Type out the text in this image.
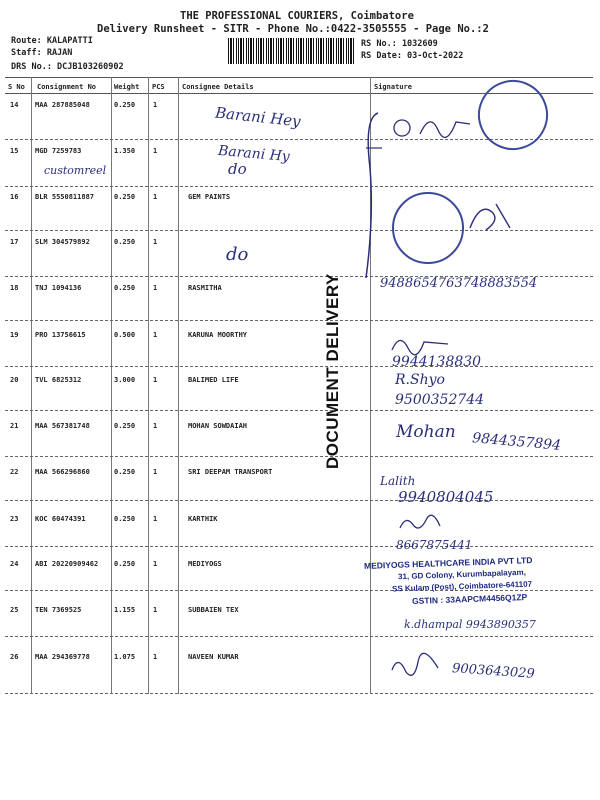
THE PROFESSIONAL COURIERS, Coimbatore
Delivery Runsheet - SITR - Phone No.:0422-3505555 - Page No.:2
Route: KALAPATTI
Staff: RAJAN
DRS No.: DCJB103260902
RS No.: 1032609
RS Date: 03-Oct-2022
S No Consignment No	Weight PCS Consignee Details	Signature
14 MAA 287885048	0.250	1
15 MGD 7259783	1.350	1
16 BLR 5550811887	0.250	1	GEM PAINTS
17 SLM 304579892	0.250	1
18 TNJ 1094136	0.250	1	RASMITHA
19 PRO 13756615	0.500	1	KARUNA MOORTHY
20 TVL 6825312	3.000	1	BALIMED LIFE
21 MAA 567381748	0.250	1	MOHAN SOWDAIAH
22 MAA 566296860	0.250	1	SRI DEEPAM TRANSPORT
23 KOC 60474391	0.250	1	KARTHIK
24 ABI 20220909462 0.250	1	MEDIYOGS
25 TEN 7369525	1.155	1	SUBBAIEN TEX
26 MAA 294369778	1.075	1	NAVEEN KUMAR
Barani Hey
Barani Hy
do
customreel
do
9488654763748883554
9944138830
R.Shyo
9500352744
Mohan 9844357894
Lalith
9940804045
8667875441
MEDIYOGS HEALTHCARE INDIA PVT LTD
31, GD Colony, Kurumbapalayam,
SS Kulam (Post), Coimbatore-641107
GSTIN : 33AAPCM4456Q1ZP
k.dhampal 9943890357
9003643029
DOCUMENT DELIVERY
